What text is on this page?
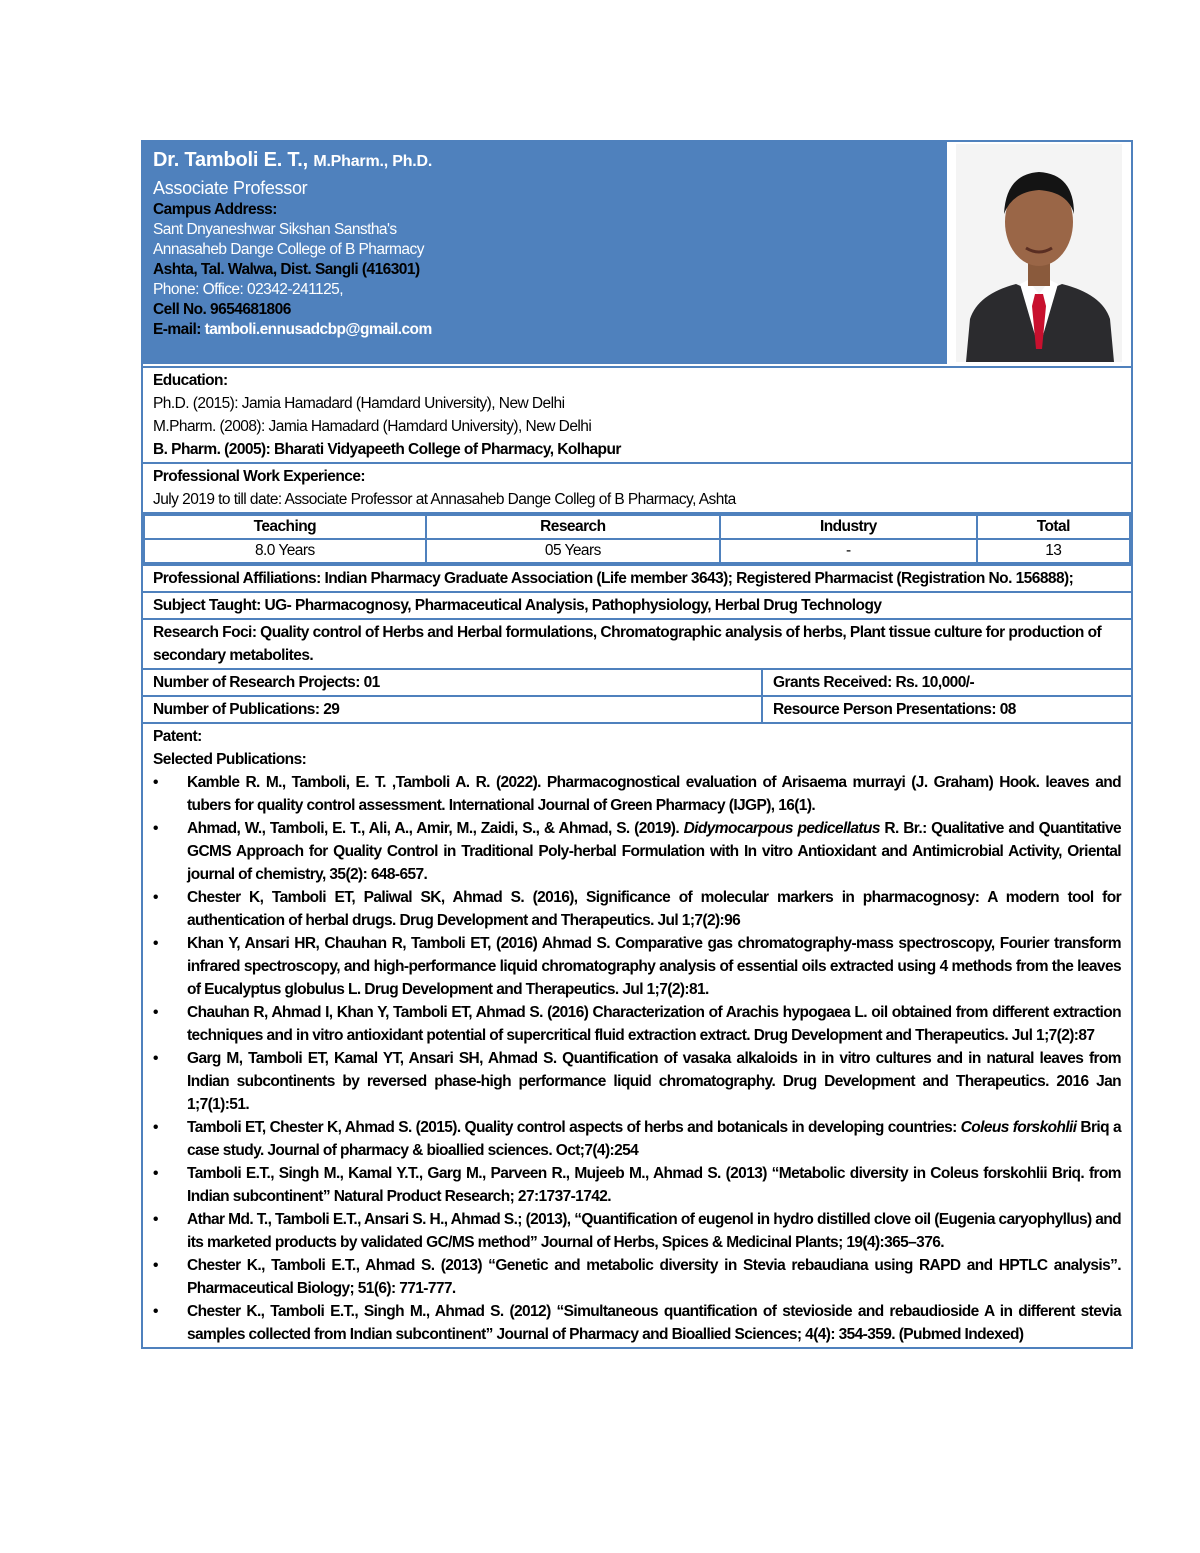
Dr. Tamboli E. T., M.Pharm., Ph.D.
Associate Professor
Campus Address:
Sant Dnyaneshwar Sikshan Sanstha's
Annasaheb Dange College of B Pharmacy
Ashta, Tal. Walwa, Dist. Sangli (416301)
Phone: Office: 02342-241125,
Cell No. 9654681806
E-mail: tamboli.ennusadcbp@gmail.com
Education:
Ph.D. (2015): Jamia Hamadard (Hamdard University), New Delhi
M.Pharm. (2008): Jamia Hamadard (Hamdard University), New Delhi
B. Pharm. (2005): Bharati Vidyapeeth College of Pharmacy, Kolhapur
Professional Work Experience:
July 2019 to till date: Associate Professor at Annasaheb Dange Colleg of B Pharmacy, Ashta
Teaching	Research	Industry	Total
8.0 Years	05 Years	-	13
Professional Affiliations: Indian Pharmacy Graduate Association (Life member 3643); Registered Pharmacist (Registration No. 156888);
Subject Taught: UG- Pharmacognosy, Pharmaceutical Analysis, Pathophysiology, Herbal Drug Technology
Research Foci: Quality control of Herbs and Herbal formulations, Chromatographic analysis of herbs, Plant tissue culture for production of secondary metabolites.
Number of Research Projects: 01	Grants Received: Rs. 10,000/-
Number of Publications: 29	Resource Person Presentations: 08
Patent:
Selected Publications:
• Kamble R. M., Tamboli, E. T. ,Tamboli A. R. (2022). Pharmacognostical evaluation of Arisaema murrayi (J. Graham) Hook. leaves and tubers for quality control assessment. International Journal of Green Pharmacy (IJGP), 16(1).
• Ahmad, W., Tamboli, E. T., Ali, A., Amir, M., Zaidi, S., & Ahmad, S. (2019). Didymocarpous pedicellatus R. Br.: Qualitative and Quantitative GCMS Approach for Quality Control in Traditional Poly-herbal Formulation with In vitro Antioxidant and Antimicrobial Activity, Oriental journal of chemistry, 35(2): 648-657.
• Chester K, Tamboli ET, Paliwal SK, Ahmad S. (2016), Significance of molecular markers in pharmacognosy: A modern tool for authentication of herbal drugs. Drug Development and Therapeutics. Jul 1;7(2):96
• Khan Y, Ansari HR, Chauhan R, Tamboli ET, (2016) Ahmad S. Comparative gas chromatography-mass spectroscopy, Fourier transform infrared spectroscopy, and high-performance liquid chromatography analysis of essential oils extracted using 4 methods from the leaves of Eucalyptus globulus L. Drug Development and Therapeutics. Jul 1;7(2):81.
• Chauhan R, Ahmad I, Khan Y, Tamboli ET, Ahmad S. (2016) Characterization of Arachis hypogaea L. oil obtained from different extraction techniques and in vitro antioxidant potential of supercritical fluid extraction extract. Drug Development and Therapeutics. Jul 1;7(2):87
• Garg M, Tamboli ET, Kamal YT, Ansari SH, Ahmad S. Quantification of vasaka alkaloids in in vitro cultures and in natural leaves from Indian subcontinents by reversed phase-high performance liquid chromatography. Drug Development and Therapeutics. 2016 Jan 1;7(1):51.
• Tamboli ET, Chester K, Ahmad S. (2015). Quality control aspects of herbs and botanicals in developing countries: Coleus forskohlii Briq a case study. Journal of pharmacy & bioallied sciences. Oct;7(4):254
• Tamboli E.T., Singh M., Kamal Y.T., Garg M., Parveen R., Mujeeb M., Ahmad S. (2013) “Metabolic diversity in Coleus forskohlii Briq. from Indian subcontinent” Natural Product Research; 27:1737-1742.
• Athar Md. T., Tamboli E.T., Ansari S. H., Ahmad S.; (2013), “Quantification of eugenol in hydro distilled clove oil (Eugenia caryophyllus) and its marketed products by validated GC/MS method” Journal of Herbs, Spices & Medicinal Plants; 19(4):365–376.
• Chester K., Tamboli E.T., Ahmad S. (2013) “Genetic and metabolic diversity in Stevia rebaudiana using RAPD and HPTLC analysis”. Pharmaceutical Biology; 51(6): 771-777.
• Chester K., Tamboli E.T., Singh M., Ahmad S. (2012) “Simultaneous quantification of stevioside and rebaudioside A in different stevia samples collected from Indian subcontinent” Journal of Pharmacy and Bioallied Sciences; 4(4): 354-359. (Pubmed Indexed)
